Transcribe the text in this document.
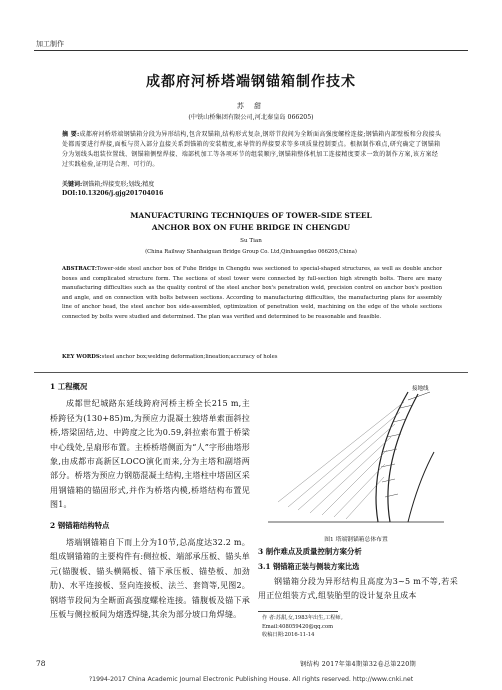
加工制作
成都府河桥塔端钢锚箱制作技术
苏 甜
(中铁山桥集团有限公司,河北秦皇岛 066205)
摘 要:成都府河桥塔端钢锚箱分段为异形结构,包含双锚箱,结构形式复杂,钢塔节段间为全断面高强度螺栓连接;钢锚箱内部壁板和分段接头处都需要进行焊接,面板与贯入部分直接关系到锚箱的安装精度,索导管的焊接要求等多项质量控制要点。根据制作难点,研究确定了钢锚箱分为划线头组装位置线、钢锚箱侧壁焊接、端部机加工等各项环节的组装顺序,钢锚箱整体机加工连接精度要求一致的制作方案,该方案经过实践检验,证明是合理、可行的。
关键词:钢锚箱;焊接变形;划线;精度
DOI:10.13206/j.gjg201704016
MANUFACTURING TECHNIQUES OF TOWER-SIDE STEEL
ANCHOR BOX ON FUHE BRIDGE IN CHENGDU
Su Tian
(China Railway Shanhaiguan Bridge Group Co. Ltd,Qinhuangdao 066205,China)
ABSTRACT:Tower-side steel anchor box of Fuhe Bridge in Chengdu was sectioned to special-shaped structures, as well as double anchor boxes and complicated structure form. The sections of steel tower were connected by full-section high strength bolts. There are many manufacturing difficulties such as the quality control of the steel anchor box's penetration weld, precision control on anchor box's position and angle, and on connection with bolts between sections. According to manufacturing difficulties, the manufacturing plans for assembly line of anchor head, the steel anchor box side-assembled, optimization of penetration weld, machining on the edge of the whole sections connected by bolts were studied and determined. The plan was verified and determined to be reasonable and feasible.
KEY WORDS:steel anchor box;welding deformation;lineation;accuracy of holes
1 工程概况

成都世纪城路东延线跨府河桥主桥全长215 m,主桥跨径为(130+85)m,为预应力混凝土独塔单索面斜拉桥,塔梁固结,边、中跨度之比为0.59,斜拉索布置于桥梁中心线处,呈扇形布置。主桥桥塔侧面为“人”字形曲塔形象,由成都市高新区LOCO演化而来,分为主塔和副塔两部分。桥塔为预应力钢筋混凝土结构,主塔柱中塔固区采用钢锚箱的锚固形式,并作为桥塔内模,桥塔结构布置见图1。

2 钢锚箱结构特点

塔端钢锚箱自下而上分为10节,总高度达32.2 m。组成钢锚箱的主要构件有:侧拉板、端部承压板、锚头单元(锚腹板、锚头横隔板、锚下承压板、锚垫板、加劲肋)、水平连接板、竖向连接板、法兰、套筒等,见图2。钢塔节段间为全断面高强度螺栓连接。锚腹板及锚下承压板与侧拉板间为熔透焊缝,其余为部分坡口角焊缝。

接地线
图1 塔端钢锚箱总体布置
3 制作难点及质量控制方案分析
3.1 钢锚箱正装与侧装方案比选

钢锚箱分段为异形结构且高度为3~5 m不等,若采用正位组装方式,组装胎型的设计复杂且成本

作 者:苏甜,女,1983年出生,工程师。
Email:408059420@qq.com
收稿日期:2016-11-14
78	钢结构 2017年第4期第32卷总第220期
?1994-2017 China Academic Journal Electronic Publishing House. All rights reserved. http://www.cnki.net
